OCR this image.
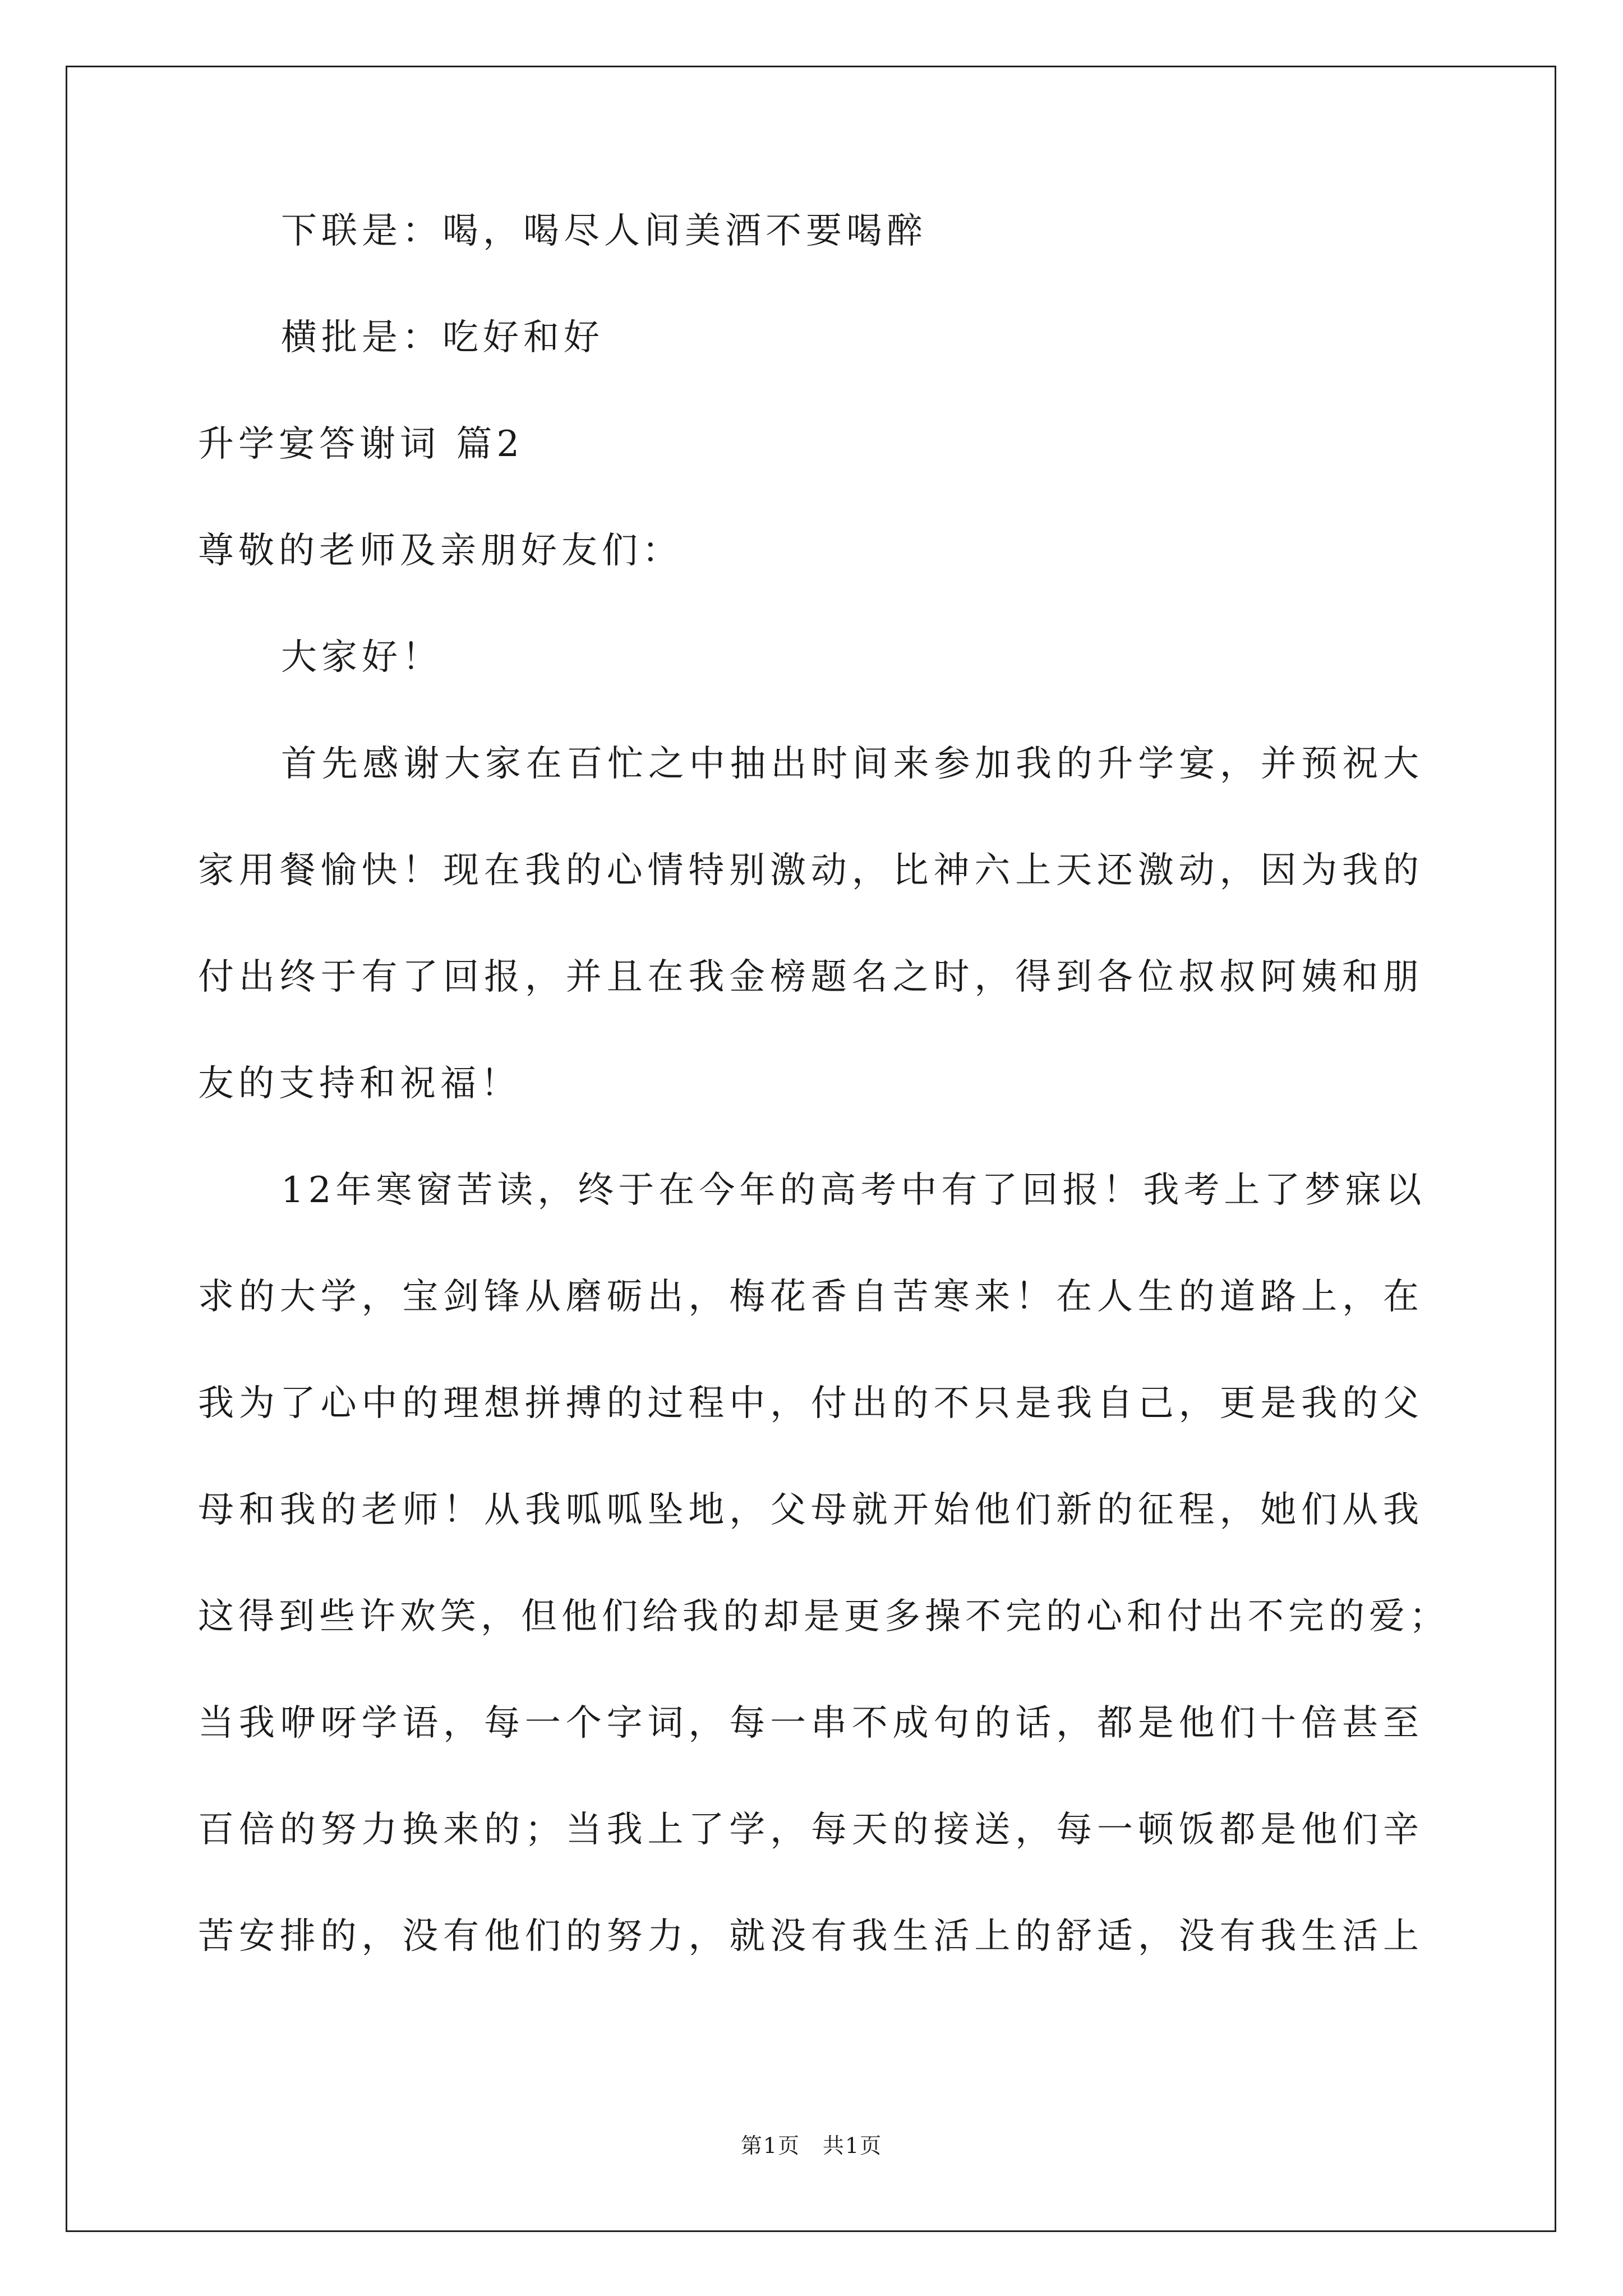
下联是：喝，喝尽人间美酒不要喝醉
横批是：吃好和好
升学宴答谢词 篇2
尊敬的老师及亲朋好友们：
大家好！
首先感谢大家在百忙之中抽出时间来参加我的升学宴，并预祝大
家用餐愉快！现在我的心情特别激动，比神六上天还激动，因为我的
付出终于有了回报，并且在我金榜题名之时，得到各位叔叔阿姨和朋
友的支持和祝福！
12年寒窗苦读，终于在今年的高考中有了回报！我考上了梦寐以
求的大学，宝剑锋从磨砺出，梅花香自苦寒来！在人生的道路上，在
我为了心中的理想拼搏的过程中，付出的不只是我自己，更是我的父
母和我的老师！从我呱呱坠地，父母就开始他们新的征程，她们从我
这得到些许欢笑，但他们给我的却是更多操不完的心和付出不完的爱；
当我咿呀学语，每一个字词，每一串不成句的话，都是他们十倍甚至
百倍的努力换来的；当我上了学，每天的接送，每一顿饭都是他们辛
苦安排的，没有他们的努力，就没有我生活上的舒适，没有我生活上
第1页　共1页
